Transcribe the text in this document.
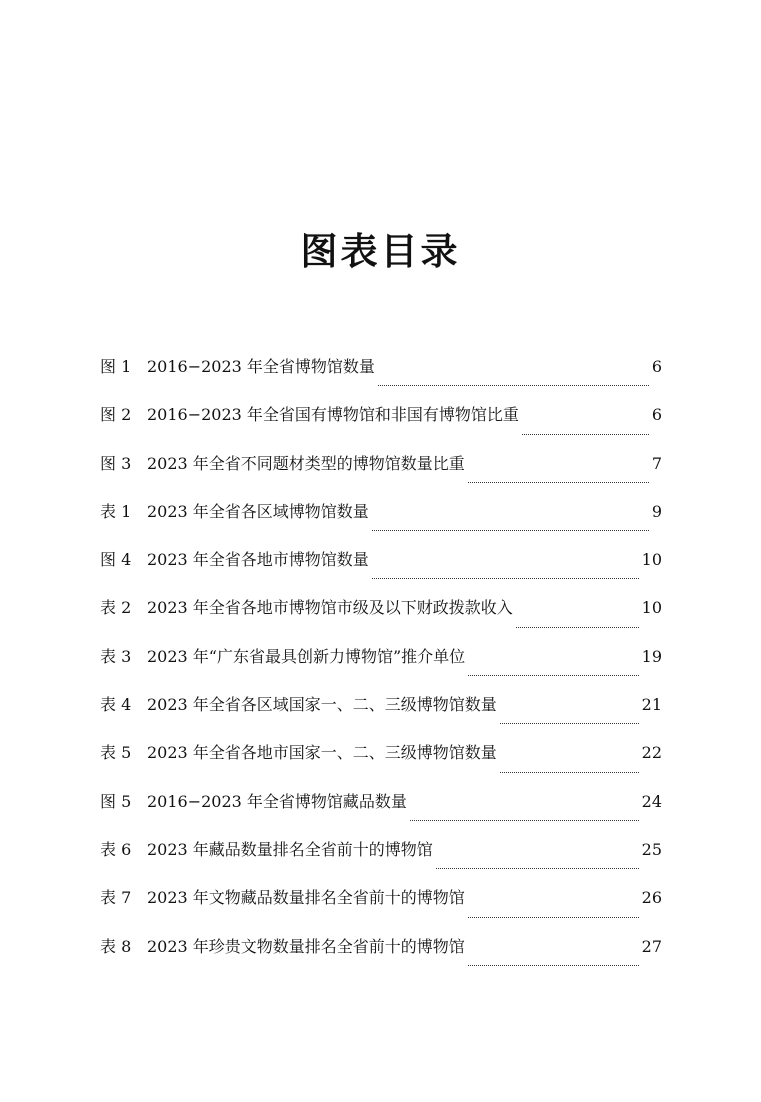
图表目录
图 1 2016−2023 年全省博物馆数量	6
图 2 2016−2023 年全省国有博物馆和非国有博物馆比重	6
图 3 2023 年全省不同题材类型的博物馆数量比重	7
表 1 2023 年全省各区域博物馆数量	9
图 4 2023 年全省各地市博物馆数量	10
表 2 2023 年全省各地市博物馆市级及以下财政拨款收入	10
表 3 2023 年“广东省最具创新力博物馆”推介单位	19
表 4 2023 年全省各区域国家一、二、三级博物馆数量	21
表 5 2023 年全省各地市国家一、二、三级博物馆数量	22
图 5 2016−2023 年全省博物馆藏品数量	24
表 6 2023 年藏品数量排名全省前十的博物馆	25
表 7 2023 年文物藏品数量排名全省前十的博物馆	26
表 8 2023 年珍贵文物数量排名全省前十的博物馆	27
